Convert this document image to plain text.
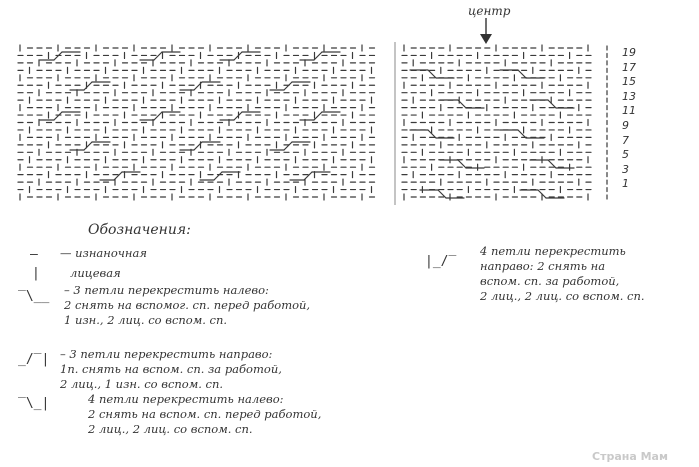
центр
19
17
15
13
11
9
7
5
3
1
Обозначения:
— — изнаночная
|	лицевая
‾\__ – 3 петли перекрестить налево:
2 снять на вспомог. сп. перед работой,
1 изн., 2 лиц. со вспом. сп.
_/‾| – 3 петли перекрестить направо:
1п. снять на вспом. сп. за работой,
2 лиц., 1 изн. со вспом. сп.
‾\_|	4 петли перекрестить налево:
2 снять на вспом. сп. перед работой,
2 лиц., 2 лиц. со вспом. сп.
|_/‾
4 петли перекрестить
направо: 2 снять на
вспом. сп. за работой,
2 лиц., 2 лиц. со вспом. сп.
Страна Мам
